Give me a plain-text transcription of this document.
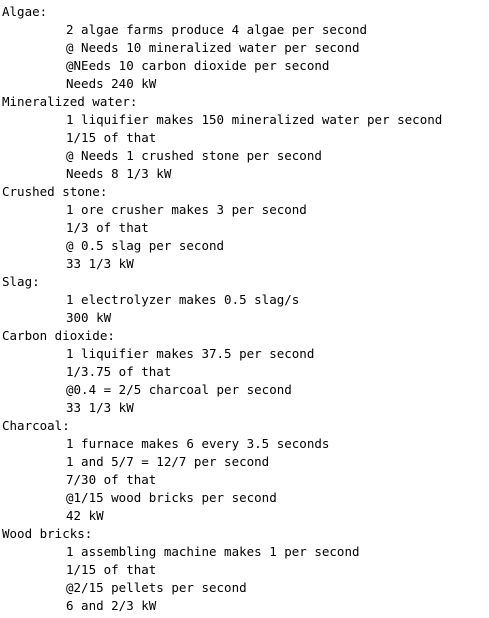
Algae:
2 algae farms produce 4 algae per second
@ Needs 10 mineralized water per second
@NEeds 10 carbon dioxide per second
Needs 240 kW
Mineralized water:
1 liquifier makes 150 mineralized water per second
1/15 of that
@ Needs 1 crushed stone per second
Needs 8 1/3 kW
Crushed stone:
1 ore crusher makes 3 per second
1/3 of that
@ 0.5 slag per second
33 1/3 kW
Slag:
1 electrolyzer makes 0.5 slag/s
300 kW
Carbon dioxide:
1 liquifier makes 37.5 per second
1/3.75 of that
@0.4 = 2/5 charcoal per second
33 1/3 kW
Charcoal:
1 furnace makes 6 every 3.5 seconds
1 and 5/7 = 12/7 per second
7/30 of that
@1/15 wood bricks per second
42 kW
Wood bricks:
1 assembling machine makes 1 per second
1/15 of that
@2/15 pellets per second
6 and 2/3 kW
